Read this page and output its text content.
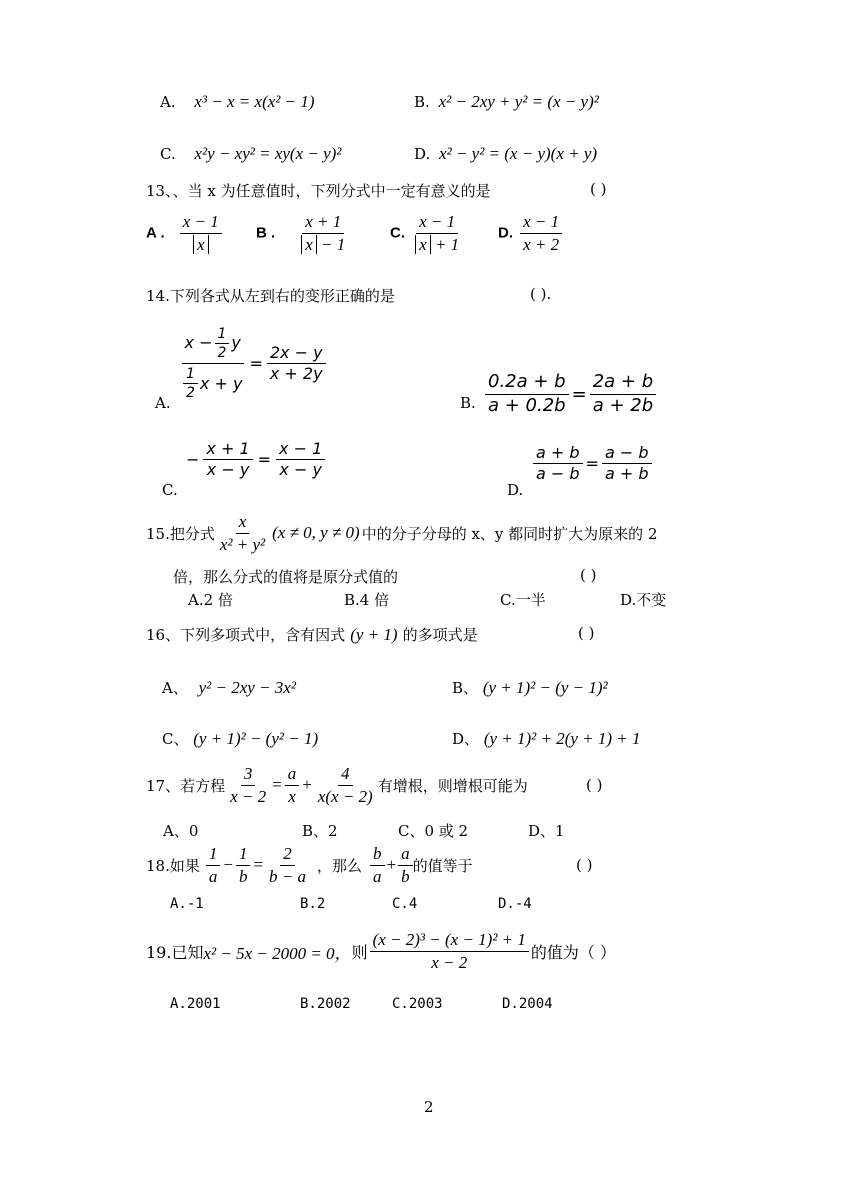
A. x³ − x = x(x² − 1)	B. x² − 2xy + y² = (x − y)²
C. x²y − xy² = xy(x − y)²	D. x² − y² = (x − y)(x + y)
13、、当 x 为任意值时，下列分式中一定有意义的是	( )
A . $\frac{x - 1}{x}$ B . $\frac{x + 1}{x - 1}$	C. $\frac{x - 1}{x + 1} D$. $\frac{x - 1}{x + 2}$
14.下列各式从左到右的变形正确的是	( ).
A.
$\frac{x - \frac{1}{2} y}{\frac{1}{2} x + y} = \frac{2x - y}{x + 2y}$
B. $\frac{0.2a + b}{a + 0.2b} = \frac{2a + b}{a + 2b}$
C.
− $\frac{x + 1}{x - y} = \frac{x - 1}{x - y}$
D.
$\frac{a + b}{a - b} = \frac{a - b}{a + b}$
15.把分式 $\frac{x}{\text{x² + y²}} (x \ne 0$, y ≠ 0) 中的分子分母的 x、y 都同时扩大为原来的 2
倍，那么分式的值将是原分式值的	( )
A.2 倍	B.4 倍	C.一半	D.不变
16、下列多项式中，含有因式 (y + 1) 的多项式是	( )
A、 y² − 2xy − 3x²	B、 (y + 1)² − (y − 1)²
C、 (y + 1)² − (y² − 1)	D、 (y + 1)² + 2(y + 1) + 1
17、若方程 $\frac{3}{x - 2} = \frac{a}{x} + \frac{4}{x(x - 2)}$ 有增根，则增根可能为	( )
A、0	B、2	C、0 或 2	D、1
18.如果 $\frac{1}{a} - \frac{1}{b} = \frac{2}{b - a}$ ，那么 $\frac{b}{a} + \frac{a}{b}$ 的值等于	( )
A.-1	B.2	C.4	D.-4
19.已知 x² − 5x − 2000 = 0， 则 $\frac{\text{(x − 2)³ − (x − 1)² + 1}}{x - 2}$ 的值为（ ）
A.2001	B.2002	C.2003	D.2004
2
